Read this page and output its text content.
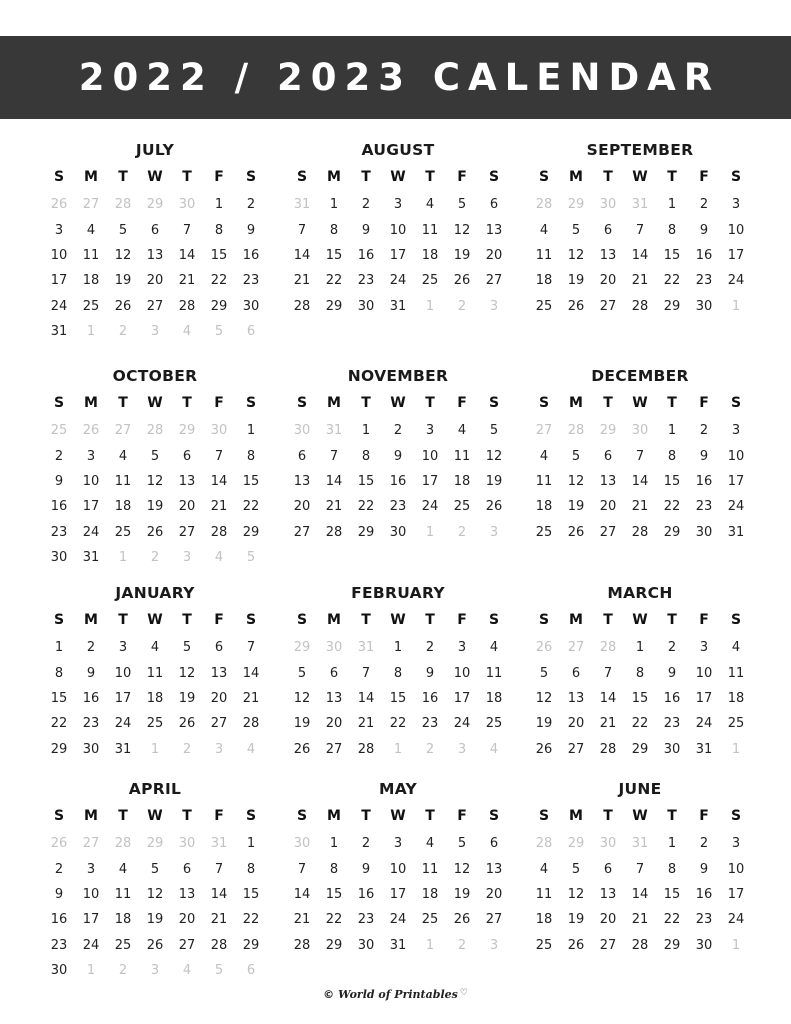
2022 / 2023 CALENDAR
JULY
S	M	T	W	T	F	S
26	27	28	29	30	1	2
3	4	5	6	7	8	9
10	11	12	13	14	15	16
17	18	19	20	21	22	23
24	25	26	27	28	29	30
31	1	2	3	4	5	6
AUGUST
S	M	T	W	T	F	S
31	1	2	3	4	5	6
7	8	9	10	11	12	13
14	15	16	17	18	19	20
21	22	23	24	25	26	27
28	29	30	31	1	2	3
SEPTEMBER
S	M	T	W	T	F	S
28	29	30	31	1	2	3
4	5	6	7	8	9	10
11	12	13	14	15	16	17
18	19	20	21	22	23	24
25	26	27	28	29	30	1
OCTOBER
S	M	T	W	T	F	S
25	26	27	28	29	30	1
2	3	4	5	6	7	8
9	10	11	12	13	14	15
16	17	18	19	20	21	22
23	24	25	26	27	28	29
30	31	1	2	3	4	5
NOVEMBER
S	M	T	W	T	F	S
30	31	1	2	3	4	5
6	7	8	9	10	11	12
13	14	15	16	17	18	19
20	21	22	23	24	25	26
27	28	29	30	1	2	3
DECEMBER
S	M	T	W	T	F	S
27	28	29	30	1	2	3
4	5	6	7	8	9	10
11	12	13	14	15	16	17
18	19	20	21	22	23	24
25	26	27	28	29	30	31
JANUARY
S	M	T	W	T	F	S
1	2	3	4	5	6	7
8	9	10	11	12	13	14
15	16	17	18	19	20	21
22	23	24	25	26	27	28
29	30	31	1	2	3	4
FEBRUARY
S	M	T	W	T	F	S
29	30	31	1	2	3	4
5	6	7	8	9	10	11
12	13	14	15	16	17	18
19	20	21	22	23	24	25
26	27	28	1	2	3	4
MARCH
S	M	T	W	T	F	S
26	27	28	1	2	3	4
5	6	7	8	9	10	11
12	13	14	15	16	17	18
19	20	21	22	23	24	25
26	27	28	29	30	31	1
APRIL
S	M	T	W	T	F	S
26	27	28	29	30	31	1
2	3	4	5	6	7	8
9	10	11	12	13	14	15
16	17	18	19	20	21	22
23	24	25	26	27	28	29
30	1	2	3	4	5	6
MAY
S	M	T	W	T	F	S
30	1	2	3	4	5	6
7	8	9	10	11	12	13
14	15	16	17	18	19	20
21	22	23	24	25	26	27
28	29	30	31	1	2	3
JUNE
S	M	T	W	T	F	S
28	29	30	31	1	2	3
4	5	6	7	8	9	10
11	12	13	14	15	16	17
18	19	20	21	22	23	24
25	26	27	28	29	30	1
© World of Printables ♡
